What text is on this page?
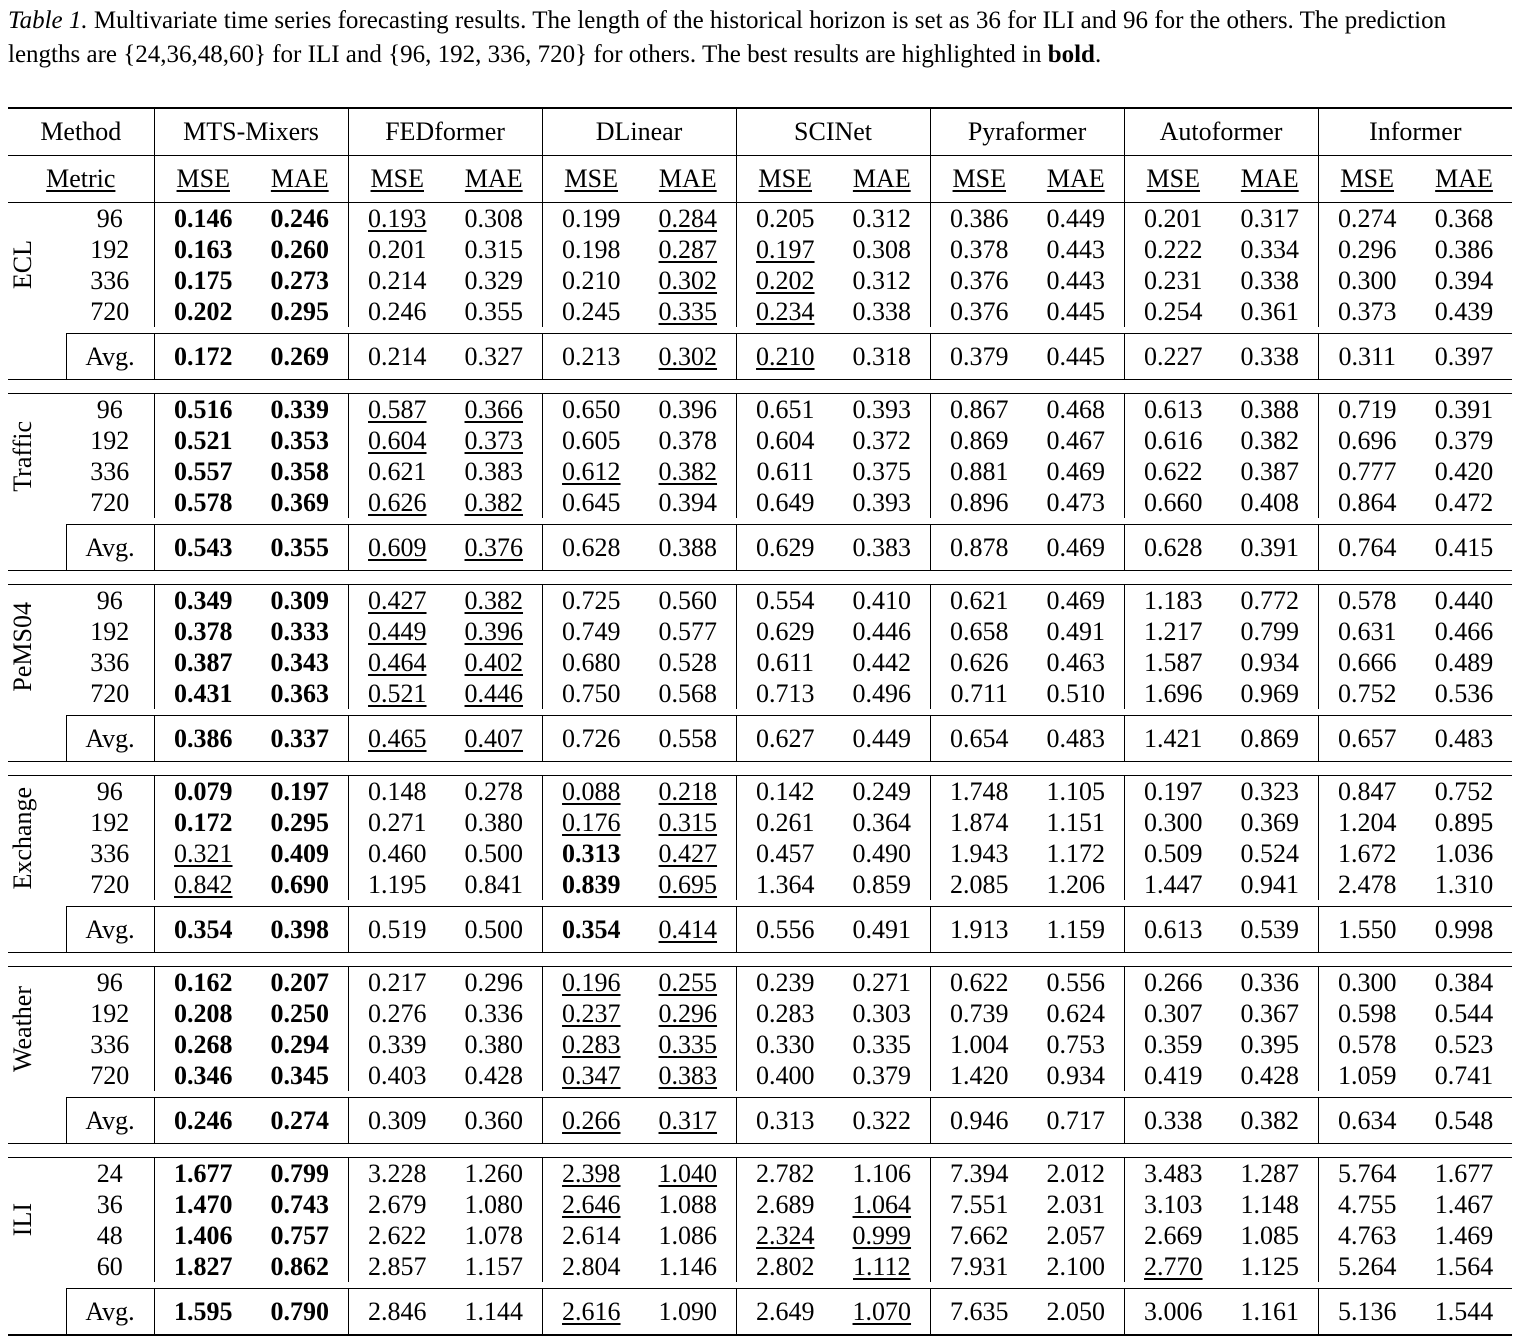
Table 1. Multivariate time series forecasting results. The length of the historical horizon is set as 36 for ILI and 96 for the others. The prediction lengths are {24,36,48,60} for ILI and {96, 192, 336, 720} for others. The best results are highlighted in bold.
Method		MTS-Mixers		FEDformer		DLinear		SCINet		Pyraformer		Autoformer		Informer	
Metric		MSE	MAE	MSE	MAE	MSE	MAE	MSE	MAE	MSE	MAE	MSE	MAE	MSE	MAE

ECL	96	0.146	0.246	0.193	0.308	0.199	0.284	0.205	0.312	0.386	0.449	0.201	0.317	0.274	0.368
	192	0.163	0.260	0.201	0.315	0.198	0.287	0.197	0.308	0.378	0.443	0.222	0.334	0.296	0.386
	336	0.175	0.273	0.214	0.329	0.210	0.302	0.202	0.312	0.376	0.443	0.231	0.338	0.300	0.394
	720	0.202	0.295	0.246	0.355	0.245	0.335	0.234	0.338	0.376	0.445	0.254	0.361	0.373	0.439

	Avg.	0.172	0.269	0.214	0.327	0.213	0.302	0.210	0.318	0.379	0.445	0.227	0.338	0.311	0.397

Traffic	96	0.516	0.339	0.587	0.366	0.650	0.396	0.651	0.393	0.867	0.468	0.613	0.388	0.719	0.391
	192	0.521	0.353	0.604	0.373	0.605	0.378	0.604	0.372	0.869	0.467	0.616	0.382	0.696	0.379
	336	0.557	0.358	0.621	0.383	0.612	0.382	0.611	0.375	0.881	0.469	0.622	0.387	0.777	0.420
	720	0.578	0.369	0.626	0.382	0.645	0.394	0.649	0.393	0.896	0.473	0.660	0.408	0.864	0.472

	Avg.	0.543	0.355	0.609	0.376	0.628	0.388	0.629	0.383	0.878	0.469	0.628	0.391	0.764	0.415

PeMS04	96	0.349	0.309	0.427	0.382	0.725	0.560	0.554	0.410	0.621	0.469	1.183	0.772	0.578	0.440
	192	0.378	0.333	0.449	0.396	0.749	0.577	0.629	0.446	0.658	0.491	1.217	0.799	0.631	0.466
	336	0.387	0.343	0.464	0.402	0.680	0.528	0.611	0.442	0.626	0.463	1.587	0.934	0.666	0.489
	720	0.431	0.363	0.521	0.446	0.750	0.568	0.713	0.496	0.711	0.510	1.696	0.969	0.752	0.536

	Avg.	0.386	0.337	0.465	0.407	0.726	0.558	0.627	0.449	0.654	0.483	1.421	0.869	0.657	0.483

Exchange	96	0.079	0.197	0.148	0.278	0.088	0.218	0.142	0.249	1.748	1.105	0.197	0.323	0.847	0.752
	192	0.172	0.295	0.271	0.380	0.176	0.315	0.261	0.364	1.874	1.151	0.300	0.369	1.204	0.895
	336	0.321	0.409	0.460	0.500	0.313	0.427	0.457	0.490	1.943	1.172	0.509	0.524	1.672	1.036
	720	0.842	0.690	1.195	0.841	0.839	0.695	1.364	0.859	2.085	1.206	1.447	0.941	2.478	1.310

	Avg.	0.354	0.398	0.519	0.500	0.354	0.414	0.556	0.491	1.913	1.159	0.613	0.539	1.550	0.998

Weather	96	0.162	0.207	0.217	0.296	0.196	0.255	0.239	0.271	0.622	0.556	0.266	0.336	0.300	0.384
	192	0.208	0.250	0.276	0.336	0.237	0.296	0.283	0.303	0.739	0.624	0.307	0.367	0.598	0.544
	336	0.268	0.294	0.339	0.380	0.283	0.335	0.330	0.335	1.004	0.753	0.359	0.395	0.578	0.523
	720	0.346	0.345	0.403	0.428	0.347	0.383	0.400	0.379	1.420	0.934	0.419	0.428	1.059	0.741

	Avg.	0.246	0.274	0.309	0.360	0.266	0.317	0.313	0.322	0.946	0.717	0.338	0.382	0.634	0.548

ILI	24	1.677	0.799	3.228	1.260	2.398	1.040	2.782	1.106	7.394	2.012	3.483	1.287	5.764	1.677
	36	1.470	0.743	2.679	1.080	2.646	1.088	2.689	1.064	7.551	2.031	3.103	1.148	4.755	1.467
	48	1.406	0.757	2.622	1.078	2.614	1.086	2.324	0.999	7.662	2.057	2.669	1.085	4.763	1.469
	60	1.827	0.862	2.857	1.157	2.804	1.146	2.802	1.112	7.931	2.100	2.770	1.125	5.264	1.564

	Avg.	1.595	0.790	2.846	1.144	2.616	1.090	2.649	1.070	7.635	2.050	3.006	1.161	5.136	1.544
